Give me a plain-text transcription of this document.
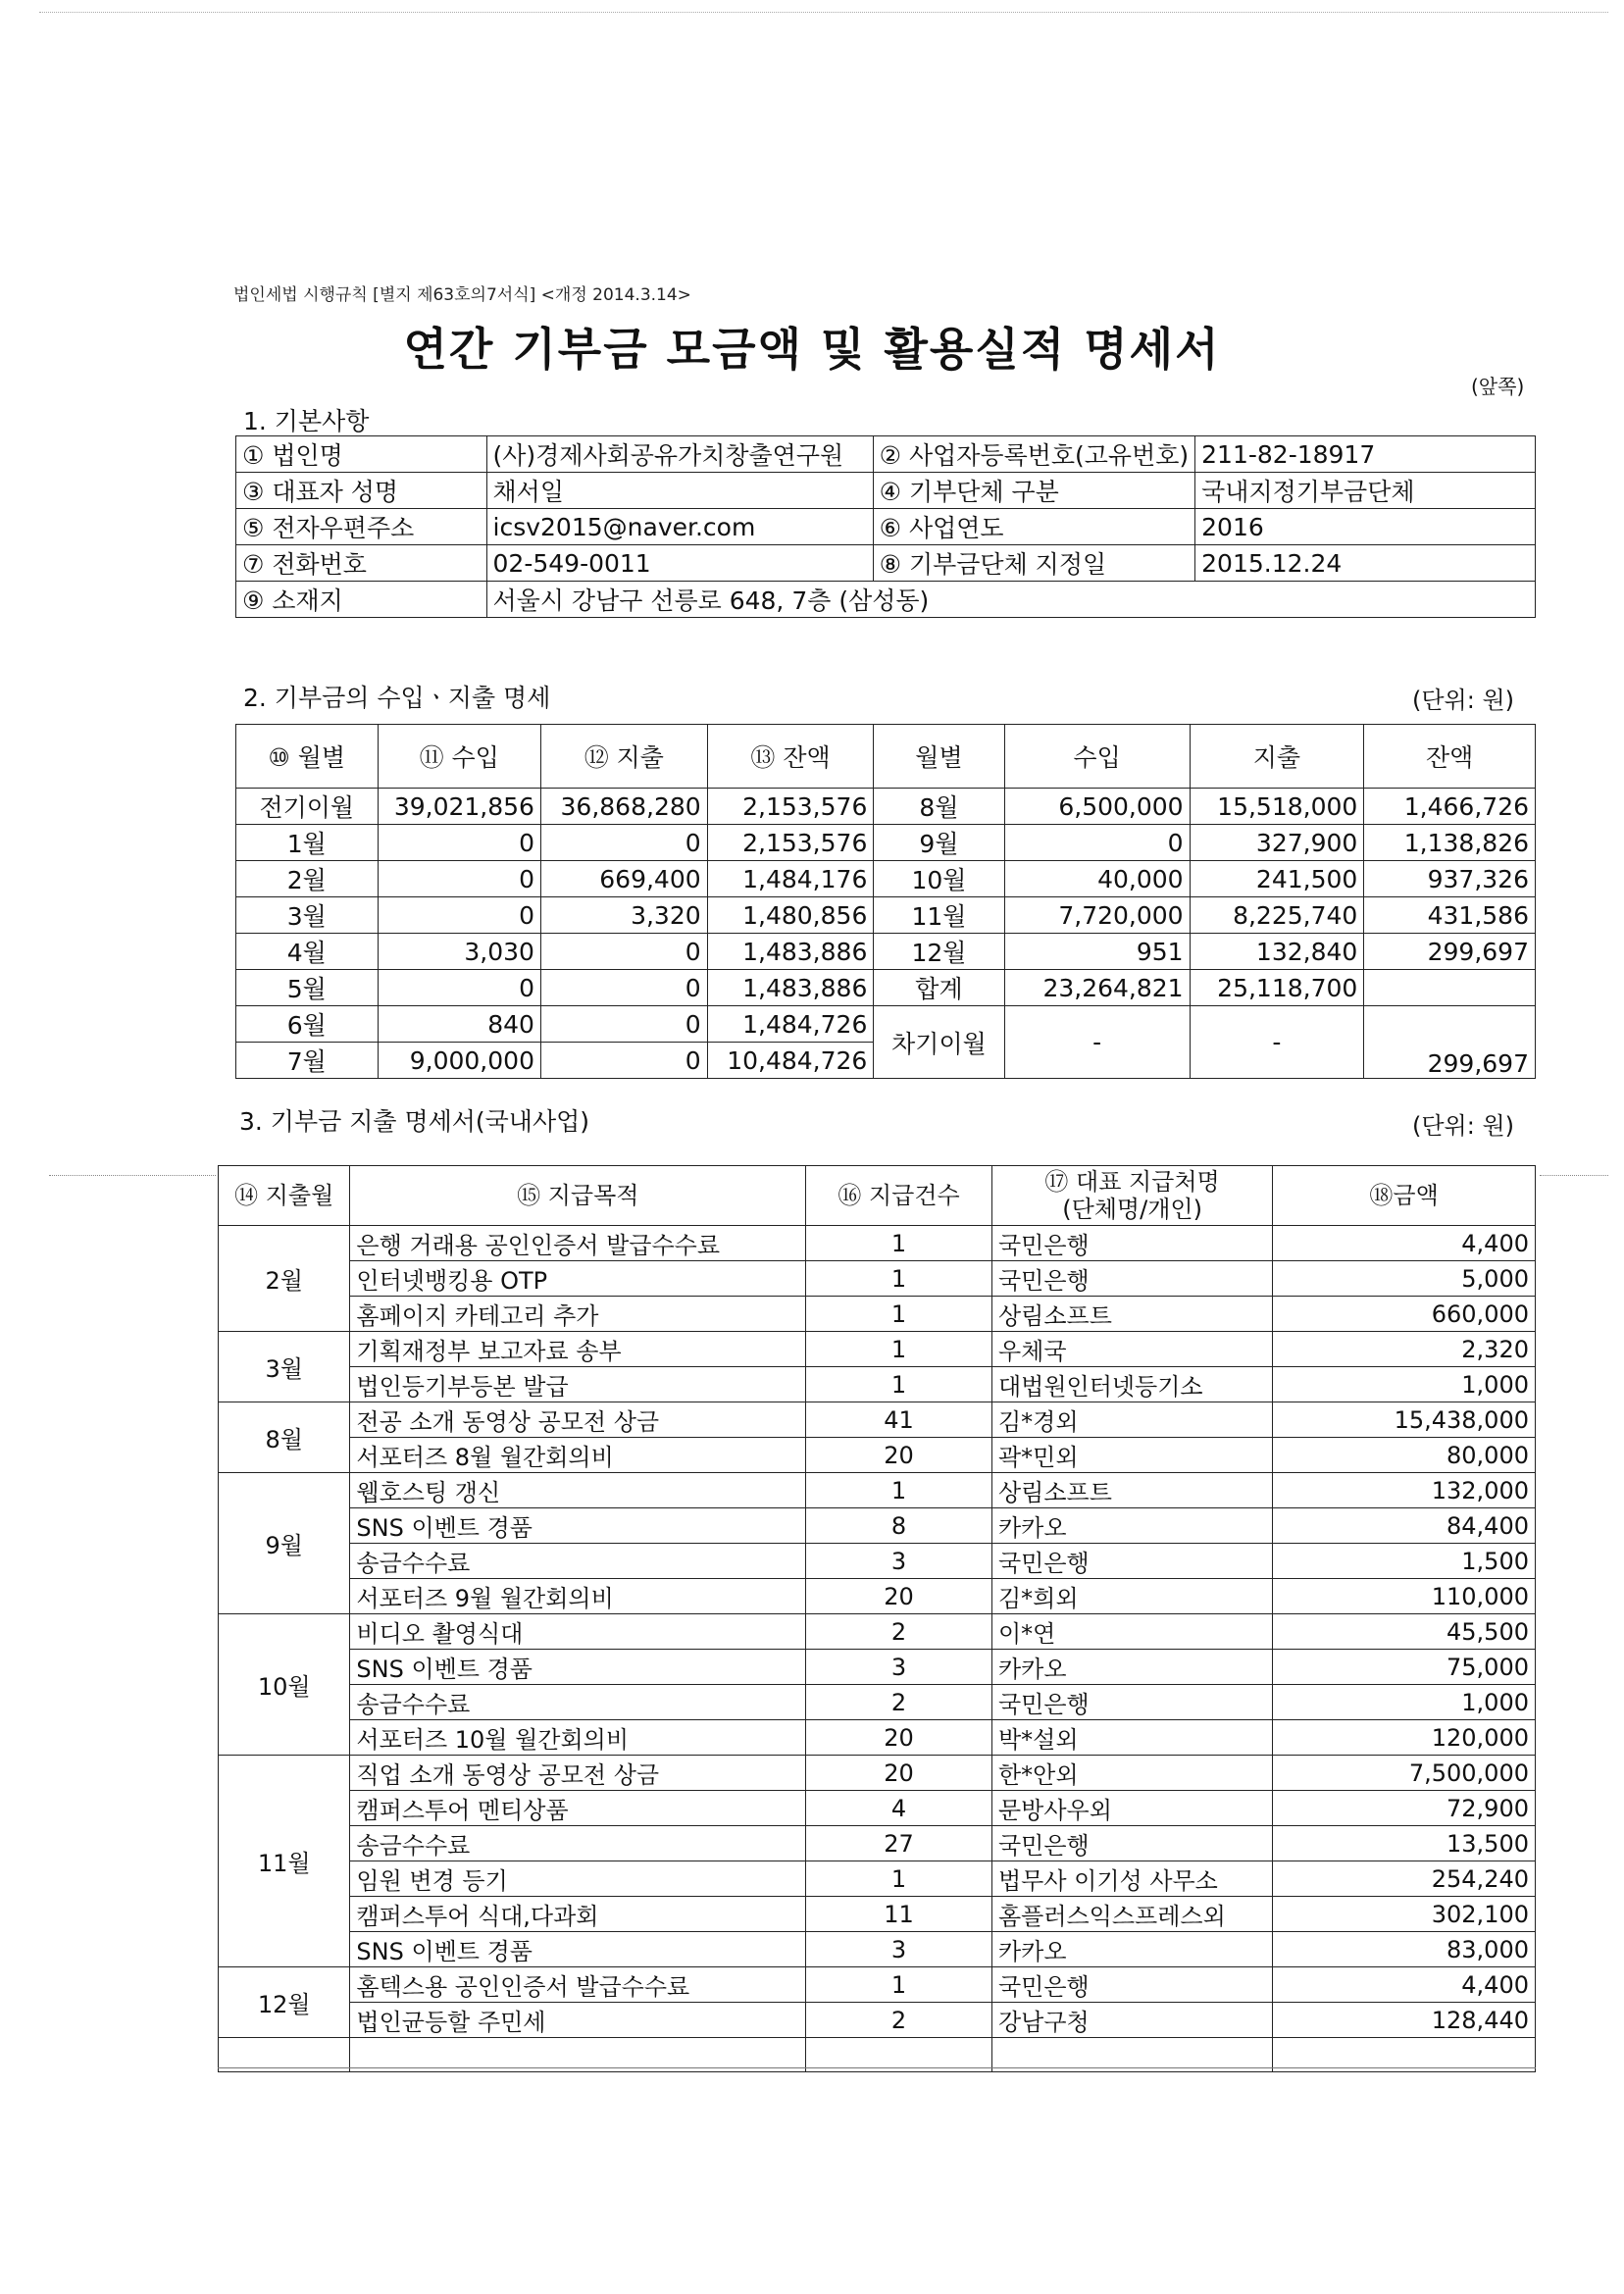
법인세법 시행규칙 [별지 제63호의7서식] <개정 2014.3.14>
연간 기부금 모금액 및 활용실적 명세서
(앞쪽)
1. 기본사항
① 법인명	(사)경제사회공유가치창출연구원	② 사업자등록번호(고유번호)	211-82-18917
③ 대표자 성명	채서일	④ 기부단체 구분	국내지정기부금단체
⑤ 전자우편주소	icsv2015@naver.com	⑥ 사업연도	2016
⑦ 전화번호	02-549-0011	⑧ 기부금단체 지정일	2015.12.24
⑨ 소재지	서울시 강남구 선릉로 648, 7층 (삼성동)		
2. 기부금의 수입ㆍ지출 명세	(단위: 원)
⑩ 월별	⑪ 수입	⑫ 지출	⑬ 잔액	월별	수입	지출	잔액
전기이월	39,021,856	36,868,280	2,153,576	8월	6,500,000	15,518,000	1,466,726
1월	0	0	2,153,576	9월	0	327,900	1,138,826
2월	0	669,400	1,484,176	10월	40,000	241,500	937,326
3월	0	3,320	1,480,856	11월	7,720,000	8,225,740	431,586
4월	3,030	0	1,483,886	12월	951	132,840	299,697
5월	0	0	1,483,886	합계	23,264,821	25,118,700	
6월	840	0	1,484,726	차기이월	-	-	299,697
7월	9,000,000	0	10,484,726				
3. 기부금 지출 명세서(국내사업)	(단위: 원)
⑭ 지출월	⑮ 지급목적	⑯ 지급건수	⑰ 대표 지급처명
(단체명/개인)	⑱금액
2월	은행 거래용 공인인증서 발급수수료	1	국민은행	4,400
	인터넷뱅킹용 OTP	1	국민은행	5,000
	홈페이지 카테고리 추가	1	상림소프트	660,000
3월	기획재정부 보고자료 송부	1	우체국	2,320
	법인등기부등본 발급	1	대법원인터넷등기소	1,000
8월	전공 소개 동영상 공모전 상금	41	김*경외	15,438,000
	서포터즈 8월 월간회의비	20	곽*민외	80,000
9월	웹호스팅 갱신	1	상림소프트	132,000
	SNS 이벤트 경품	8	카카오	84,400
	송금수수료	3	국민은행	1,500
	서포터즈 9월 월간회의비	20	김*희외	110,000
10월	비디오 촬영식대	2	이*연	45,500
	SNS 이벤트 경품	3	카카오	75,000
	송금수수료	2	국민은행	1,000
	서포터즈 10월 월간회의비	20	박*설외	120,000
11월	직업 소개 동영상 공모전 상금	20	한*안외	7,500,000
	캠퍼스투어 멘티상품	4	문방사우외	72,900
	송금수수료	27	국민은행	13,500
	임원 변경 등기	1	법무사 이기성 사무소	254,240
	캠퍼스투어 식대,다과회	11	홈플러스익스프레스외	302,100
	SNS 이벤트 경품	3	카카오	83,000
12월	홈텍스용 공인인증서 발급수수료	1	국민은행	4,400
	법인균등할 주민세	2	강남구청	128,440
